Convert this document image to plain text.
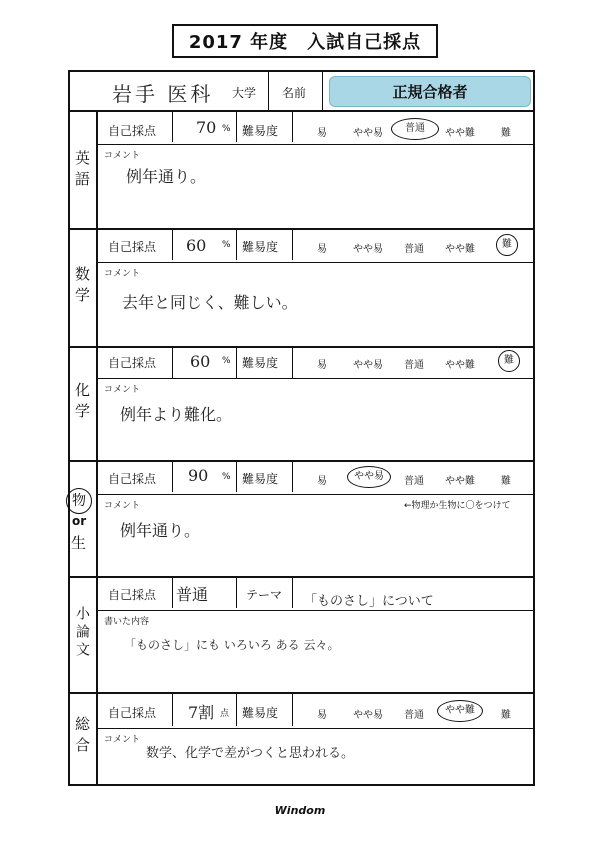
2017 年度　入試自己採点
岩手 医科 大学 名前	正規合格者
英語
自己採点 70 % 難易度	易	やや易	普通	やや難	難
コメント
例年通り。
数学
自己採点 60 % 難易度	易	やや易	普通	やや難	難
コメント
去年と同じく、難しい。
化学
自己採点 60 % 難易度	易	やや易	普通	やや難	難
コメント
例年より難化。
物
or
生
自己採点 90 % 難易度	易	やや易	普通	やや難	難
コメント	←物理か生物に〇をつけて
例年通り。
小論文
自己採点 普通	テーマ 「ものさし」について
書いた内容
「ものさし」にも いろいろ ある 云々。
総合
自己採点 7割 点 難易度	易	やや易	普通	やや難	難
コメント
数学、化学で差がつくと思われる。
Windom
